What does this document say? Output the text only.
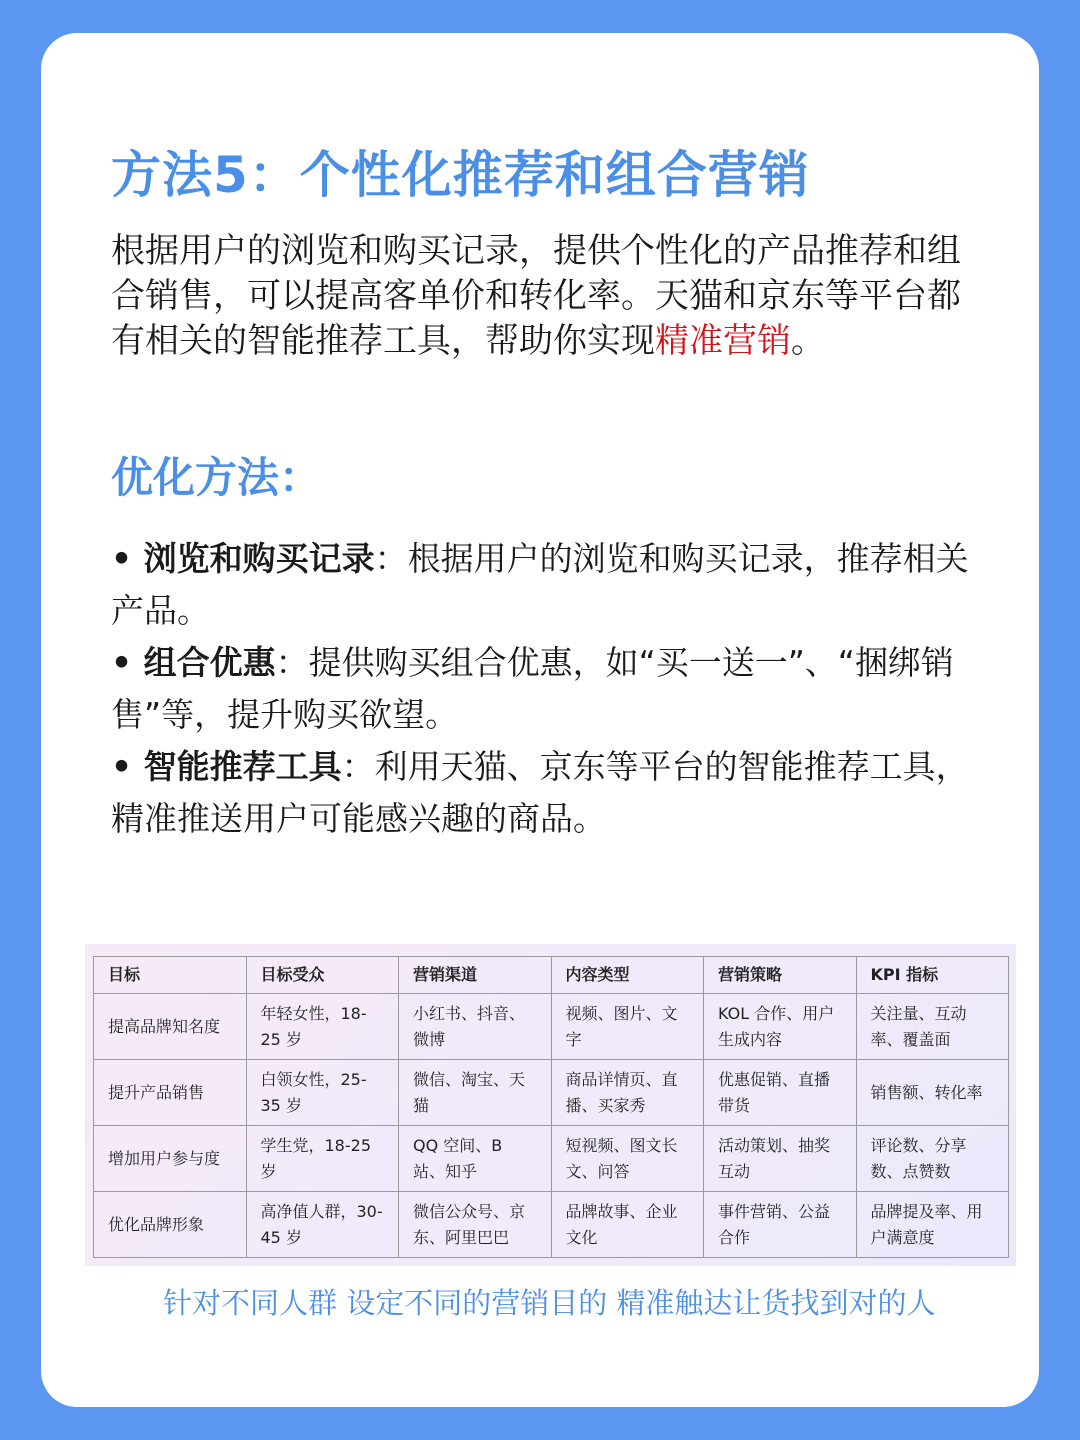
方法5：个性化推荐和组合营销

根据用户的浏览和购买记录，提供个性化的产品推荐和组合销售，可以提高客单价和转化率。天猫和京东等平台都有相关的智能推荐工具，帮助你实现精准营销。

优化方法：
• 浏览和购买记录：根据用户的浏览和购买记录，推荐相关产品。
• 组合优惠：提供购买组合优惠，如“买一送一”、“捆绑销售”等，提升购买欲望。
• 智能推荐工具：利用天猫、京东等平台的智能推荐工具，精准推送用户可能感兴趣的商品。
目标	目标受众	营销渠道	内容类型	营销策略	KPI 指标
提高品牌知名度	年轻女性，18-25 岁	小红书、抖音、微博	视频、图片、文字	KOL 合作、用户生成内容	关注量、互动率、覆盖面
提升产品销售	白领女性，25-35 岁	微信、淘宝、天猫	商品详情页、直播、买家秀	优惠促销、直播带货	销售额、转化率
增加用户参与度	学生党，18-25 岁	QQ 空间、B 站、知乎	短视频、图文长文、问答	活动策划、抽奖互动	评论数、分享数、点赞数
优化品牌形象	高净值人群，30-45 岁	微信公众号、京东、阿里巴巴	品牌故事、企业文化	事件营销、公益合作	品牌提及率、用户满意度

针对不同人群 设定不同的营销目的 精准触达让货找到对的人
